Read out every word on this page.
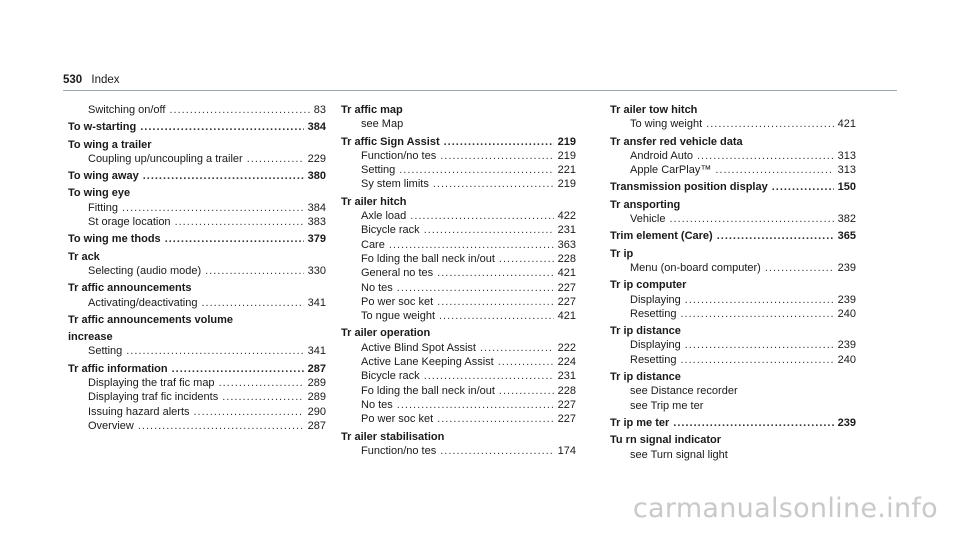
530 Index
Switching on/off .....	83
To w-starting .....	384
To wing a trailer
Coupling up/uncoupling a trailer .....	229
To wing away .....	380
To wing eye
Fitting .....	384
St orage location .....	383
To wing me thods .....	379
Tr ack
Selecting (audio mode) .....	330
Tr affic announcements
Activating/deactivating .....	341
Tr affic announcements volume
increase
Setting .....	341
Tr affic information .....	287
Displaying the traf fic map .....	289
Displaying traf fic incidents .....	289
Issuing hazard alerts .....	290
Overview .....	287
Tr affic map
see Map
Tr affic Sign Assist .....	219
Function/no tes .....	219
Setting .....	221
Sy stem limits .....	219
Tr ailer hitch
Axle load .....	422
Bicycle rack .....	231
Care .....	363
Fo lding the ball neck in/out .....	228
General no tes .....	421
No tes .....	227
Po wer soc ket .....	227
To ngue weight .....	421
Tr ailer operation
Active Blind Spot Assist .....	222
Active Lane Keeping Assist .....	224
Bicycle rack .....	231
Fo lding the ball neck in/out .....	228
No tes .....	227
Po wer soc ket .....	227
Tr ailer stabilisation
Function/no tes .....	174
Tr ailer tow hitch
To wing weight .....	421
Tr ansfer red vehicle data
Android Auto .....	313
Apple CarPlay™ .....	313
Transmission position display .....	150
Tr ansporting
Vehicle .....	382
Trim element (Care) .....	365
Tr ip
Menu (on-board computer) .....	239
Tr ip computer
Displaying .....	239
Resetting .....	240
Tr ip distance
Displaying .....	239
Resetting .....	240
Tr ip distance
see Distance recorder
see Trip me ter
Tr ip me ter .....	239
Tu rn signal indicator
see Turn signal light
carmanualsonline.info
